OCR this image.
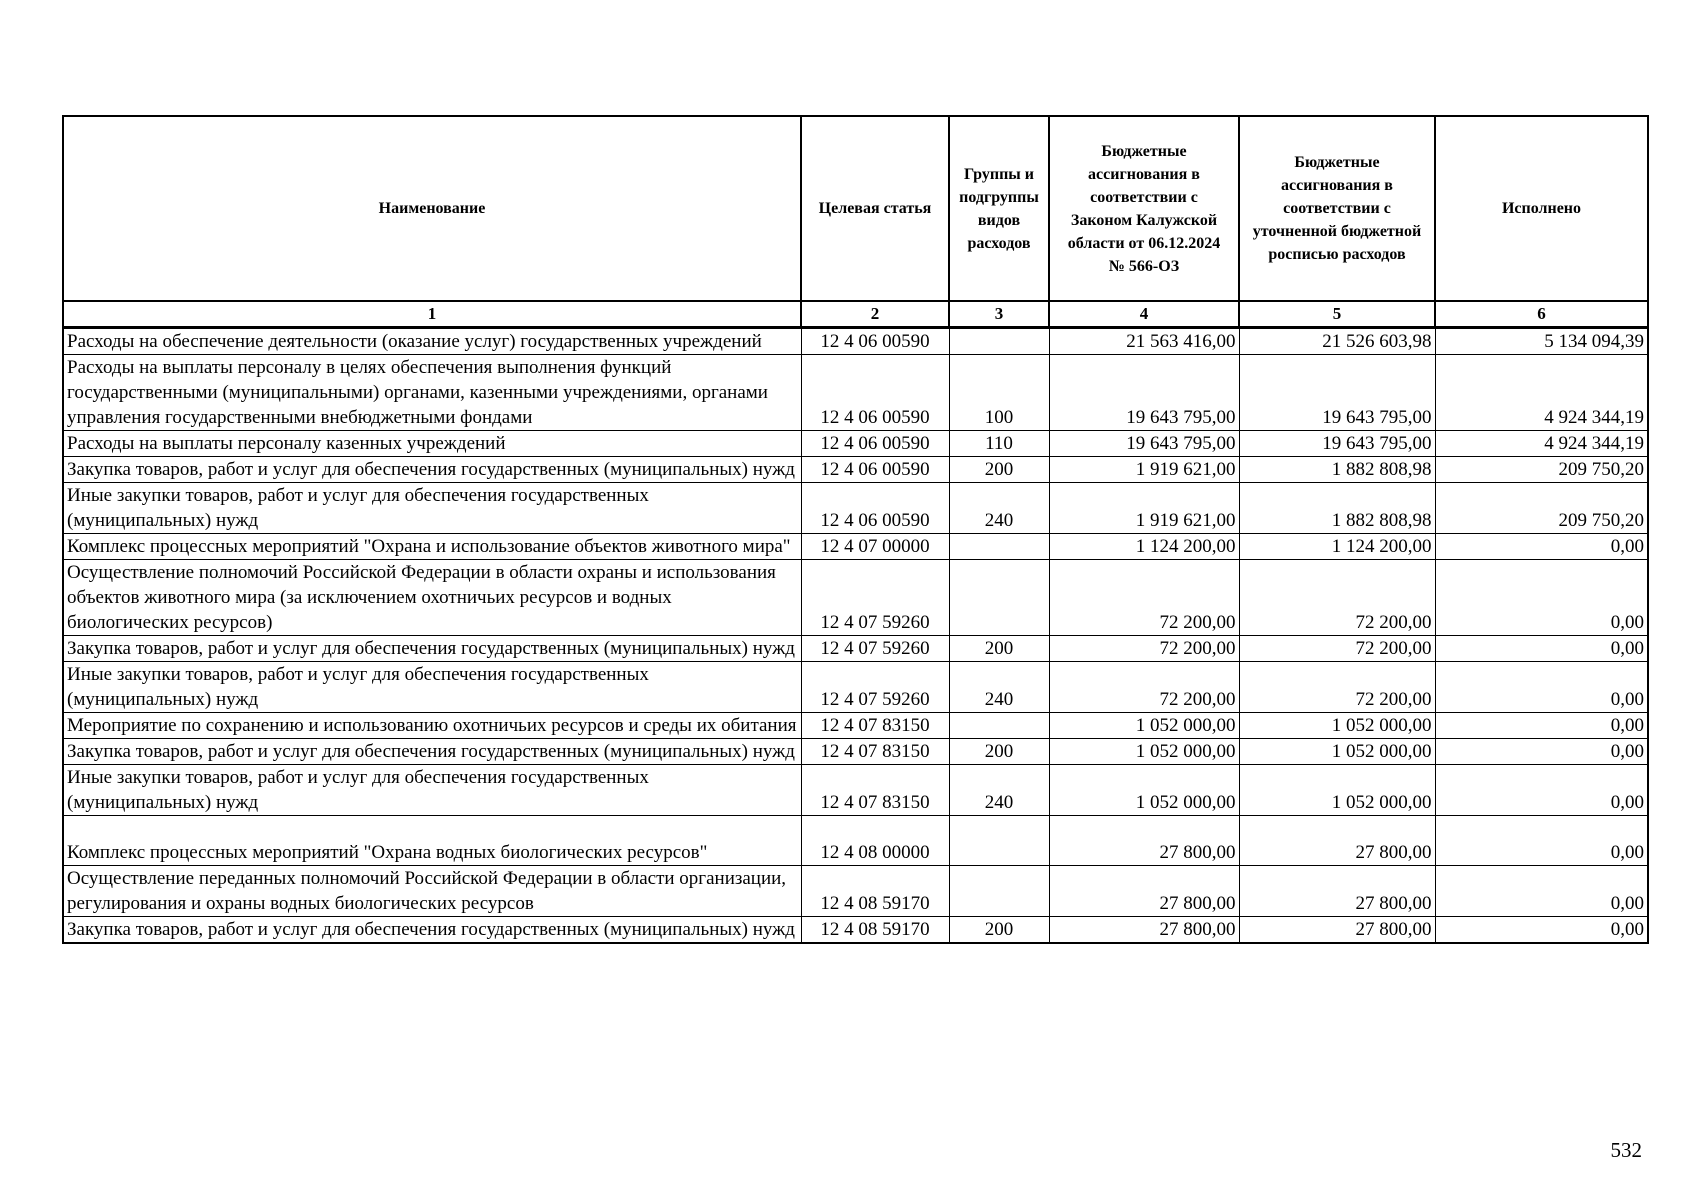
Наименование	Целевая статья	Группы и подгруппы видов расходов	Бюджетные ассигнования в соответствии с Законом Калужской области от 06.12.2024 № 566-ОЗ	Бюджетные ассигнования в соответствии с уточненной бюджетной росписью расходов	Исполнено
1	2	3	4	5	6
Расходы на обеспечение деятельности (оказание услуг) государственных учреждений	12 4 06 00590		21 563 416,00	21 526 603,98	5 134 094,39
Расходы на выплаты персоналу в целях обеспечения выполнения функций государственными (муниципальными) органами, казенными учреждениями, органами управления государственными внебюджетными фондами	12 4 06 00590	100	19 643 795,00	19 643 795,00	4 924 344,19
Расходы на выплаты персоналу казенных учреждений	12 4 06 00590	110	19 643 795,00	19 643 795,00	4 924 344,19
Закупка товаров, работ и услуг для обеспечения государственных (муниципальных) нужд	12 4 06 00590	200	1 919 621,00	1 882 808,98	209 750,20
Иные закупки товаров, работ и услуг для обеспечения государственных (муниципальных) нужд	12 4 06 00590	240	1 919 621,00	1 882 808,98	209 750,20
Комплекс процессных мероприятий "Охрана и использование объектов животного мира"	12 4 07 00000		1 124 200,00	1 124 200,00	0,00
Осуществление полномочий Российской Федерации в области охраны и использования объектов животного мира (за исключением охотничьих ресурсов и водных биологических ресурсов)	12 4 07 59260		72 200,00	72 200,00	0,00
Закупка товаров, работ и услуг для обеспечения государственных (муниципальных) нужд	12 4 07 59260	200	72 200,00	72 200,00	0,00
Иные закупки товаров, работ и услуг для обеспечения государственных (муниципальных) нужд	12 4 07 59260	240	72 200,00	72 200,00	0,00
Мероприятие по сохранению и использованию охотничьих ресурсов и среды их обитания	12 4 07 83150		1 052 000,00	1 052 000,00	0,00
Закупка товаров, работ и услуг для обеспечения государственных (муниципальных) нужд	12 4 07 83150	200	1 052 000,00	1 052 000,00	0,00
Иные закупки товаров, работ и услуг для обеспечения государственных (муниципальных) нужд	12 4 07 83150	240	1 052 000,00	1 052 000,00	0,00
Комплекс процессных мероприятий "Охрана водных биологических ресурсов"	12 4 08 00000		27 800,00	27 800,00	0,00
Осуществление переданных полномочий Российской Федерации в области организации, регулирования и охраны водных биологических ресурсов	12 4 08 59170		27 800,00	27 800,00	0,00
Закупка товаров, работ и услуг для обеспечения государственных (муниципальных) нужд	12 4 08 59170	200	27 800,00	27 800,00	0,00
532
